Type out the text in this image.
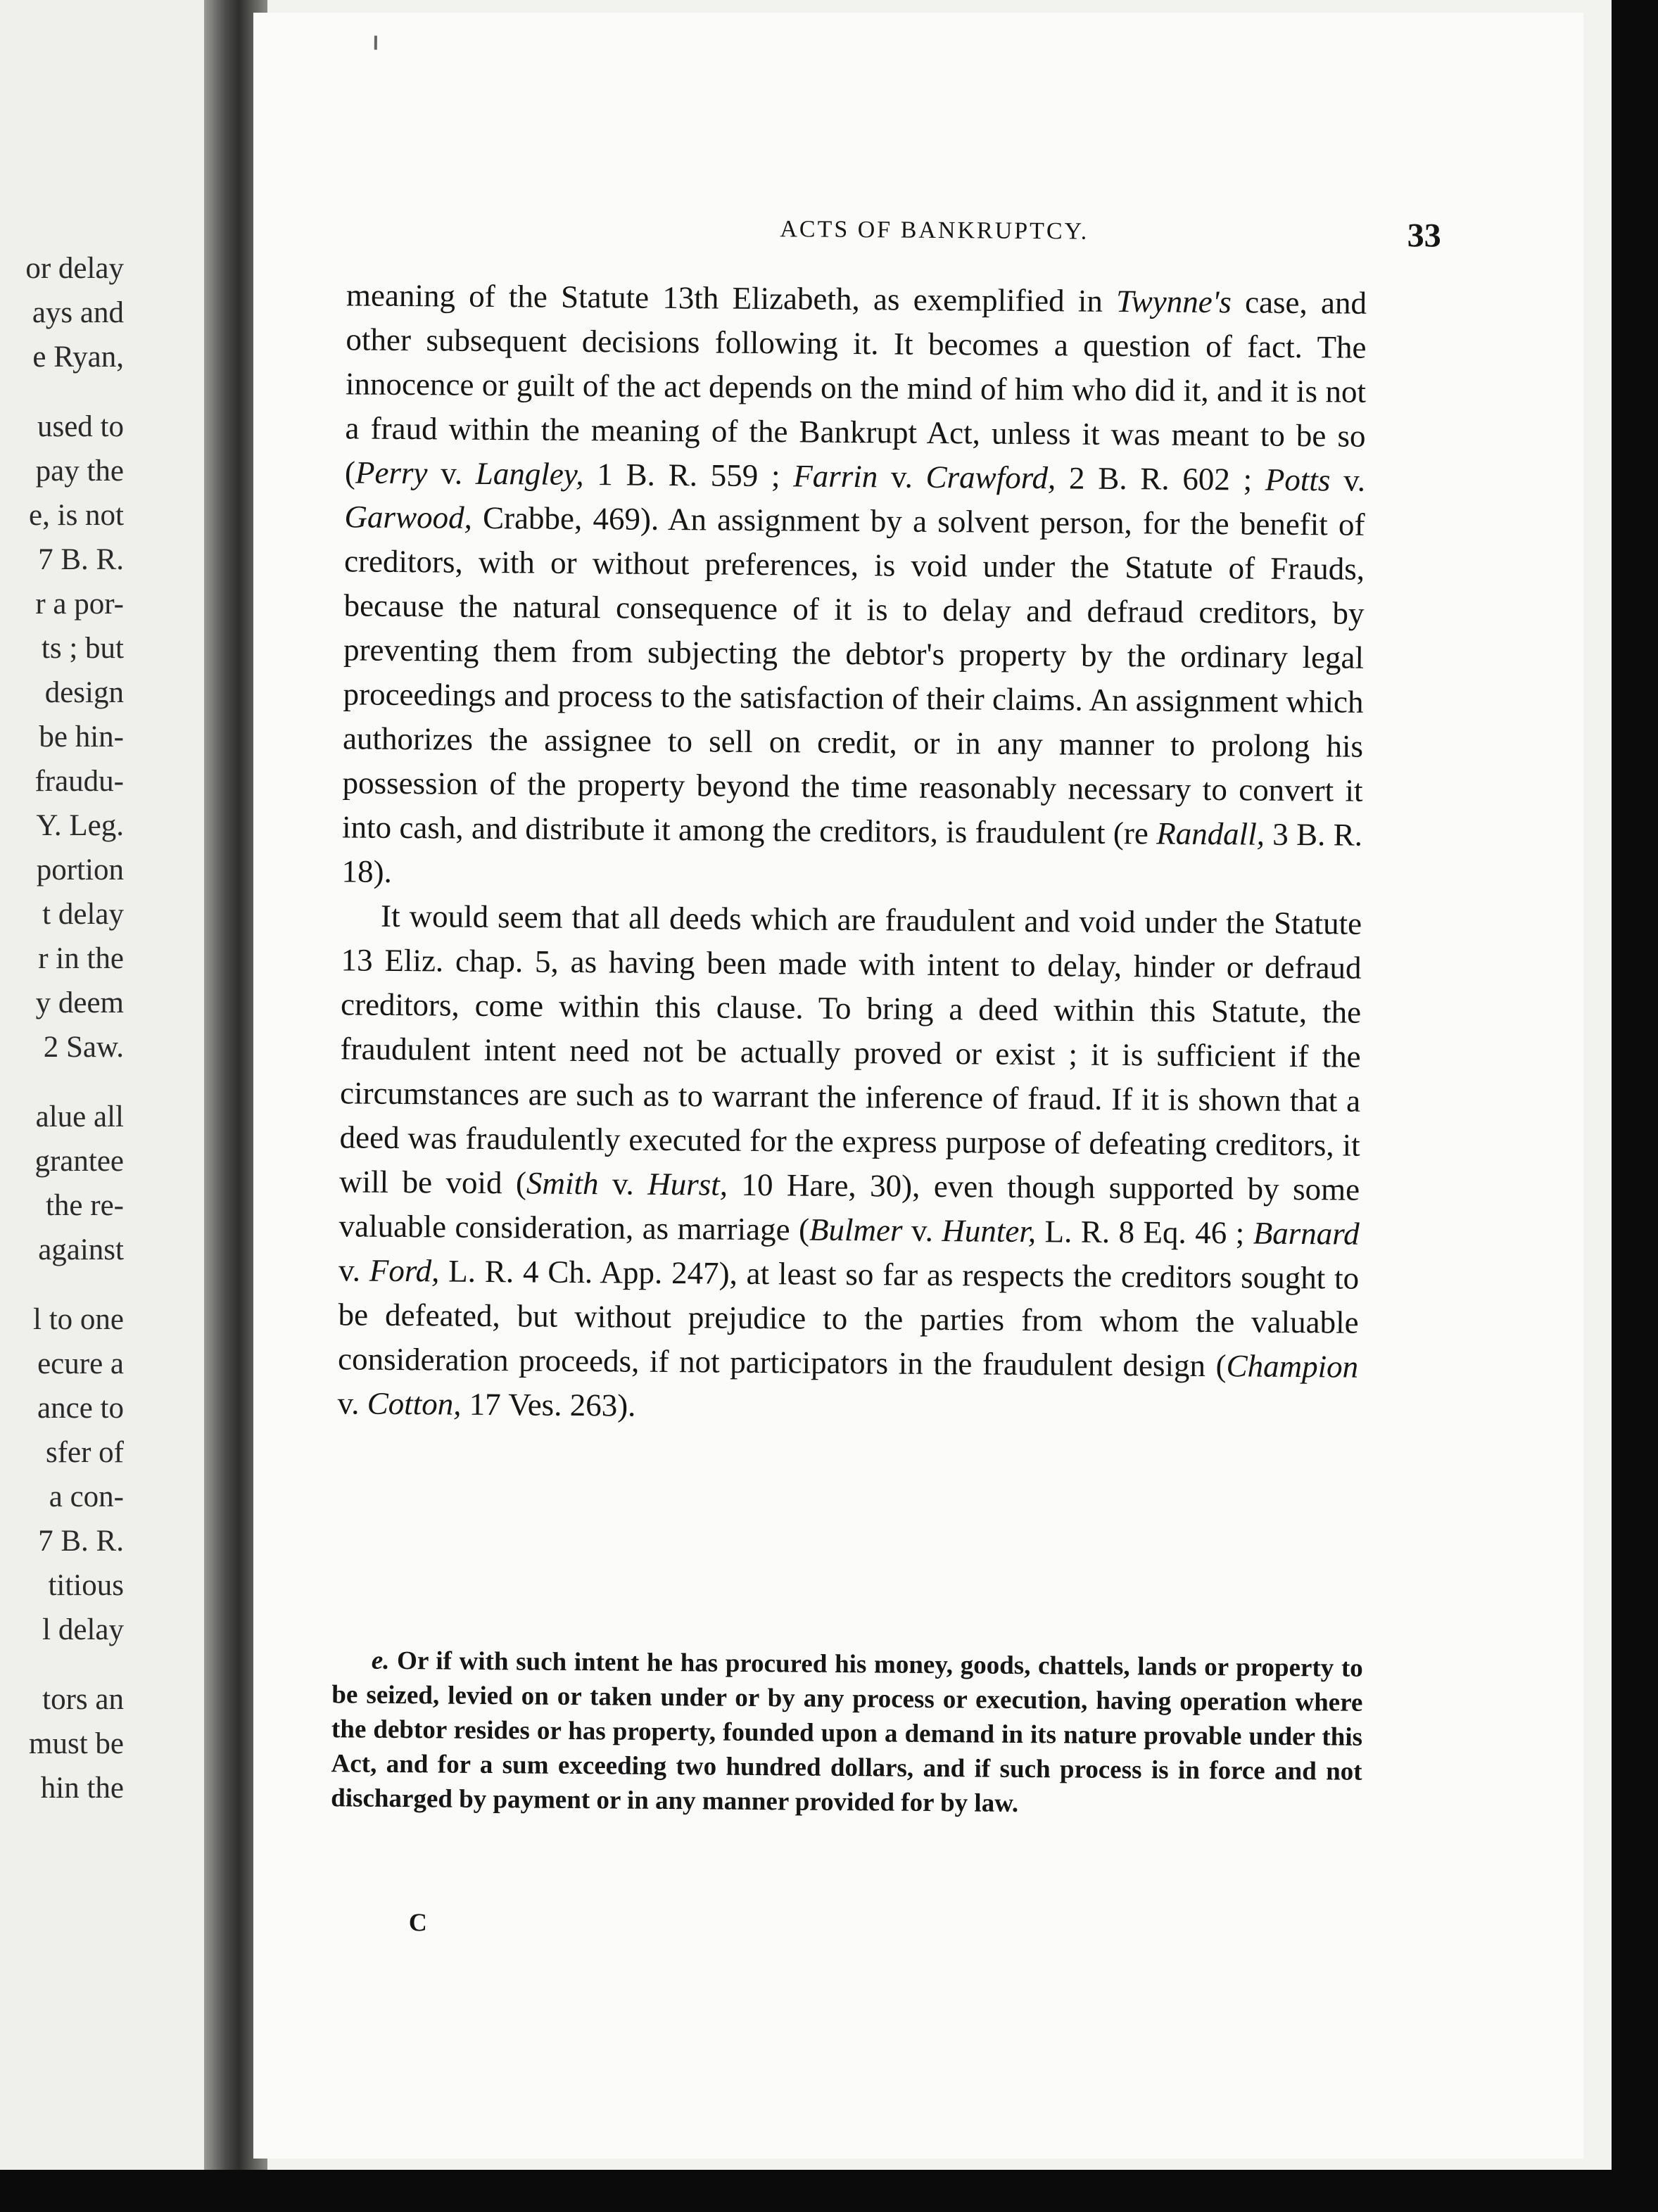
or delay
ays and
e Ryan,
used to
pay the
e, is not
7 B. R.
r a por-
ts ; but
design
be hin-
fraudu-
Y. Leg.
portion
t delay
r in the
y deem
2 Saw.
alue all
grantee
the re-
against
l to one
ecure a
ance to
sfer of
a con-
7 B. R.
titious
l delay
tors an
must be
hin the
ACTS OF BANKRUPTCY.	33

meaning of the Statute 13th Elizabeth, as exemplified in Twynne's case, and other subsequent decisions following it. It becomes a question of fact. The innocence or guilt of the act depends on the mind of him who did it, and it is not a fraud within the meaning of the Bankrupt Act, unless it was meant to be so (Perry v. Langley, 1 B. R. 559 ; Farrin v. Crawford, 2 B. R. 602 ; Potts v. Garwood, Crabbe, 469). An assignment by a solvent person, for the benefit of creditors, with or without preferences, is void under the Statute of Frauds, because the natural consequence of it is to delay and defraud creditors, by preventing them from subjecting the debtor's property by the ordinary legal proceedings and process to the satisfaction of their claims. An assignment which authorizes the assignee to sell on credit, or in any manner to prolong his possession of the property beyond the time reasonably necessary to convert it into cash, and distribute it among the creditors, is fraudulent (re Randall, 3 B. R. 18).

It would seem that all deeds which are fraudulent and void under the Statute 13 Eliz. chap. 5, as having been made with intent to delay, hinder or defraud creditors, come within this clause. To bring a deed within this Statute, the fraudulent intent need not be actually proved or exist ; it is sufficient if the circumstances are such as to warrant the inference of fraud. If it is shown that a deed was fraudulently executed for the express purpose of defeating creditors, it will be void (Smith v. Hurst, 10 Hare, 30), even though supported by some valuable consideration, as marriage (Bulmer v. Hunter, L. R. 8 Eq. 46 ; Barnard v. Ford, L. R. 4 Ch. App. 247), at least so far as respects the creditors sought to be defeated, but without prejudice to the parties from whom the valuable consideration proceeds, if not participators in the fraudulent design (Champion v. Cotton, 17 Ves. 263).

e. Or if with such intent he has procured his money, goods, chattels, lands or property to be seized, levied on or taken under or by any process or execution, having operation where the debtor resides or has property, founded upon a demand in its nature provable under this Act, and for a sum exceeding two hundred dollars, and if such process is in force and not discharged by payment or in any manner provided for by law.

C
